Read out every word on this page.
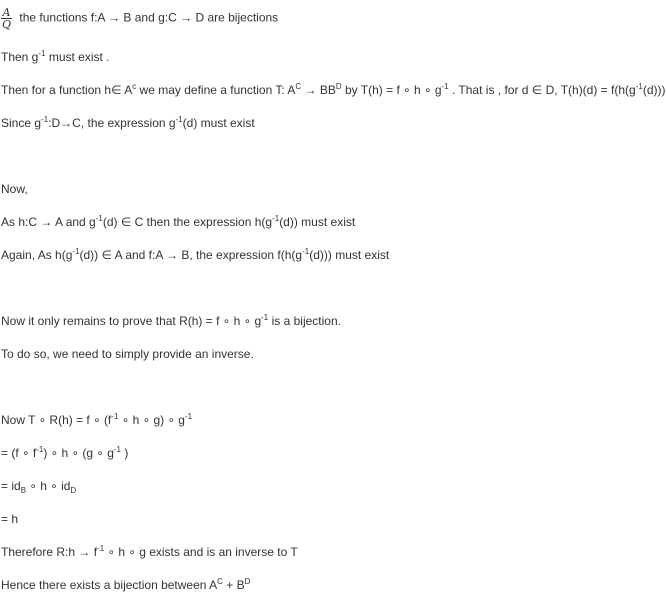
$\frac{A}{Q}$ the functions f:A → B and g:C → D are bijections
Then $g^{-1}$ must exist .
Then for a function h∈ $A^c$ we may define a function T: $A^C \to BB^D$ by T(h) = f ∘ h ∘ $g^{-1}$ . That is , for d ∈ D, $T(h)(d) = f(h(g^{-1}(d)))$
Since $g^{-1}:D\to C$, the expression $g^{-1}(d)$ must exist
Now,
As h:C → A and $g^{-1}(d)$ ∈ C then the expression $h(g^{-1}(d))$ must exist
Again, As $h(g^{-1}(d))$ ∈ A and f:A → B, the expression $f(h(g^{-1}(d)))$ must exist
Now it only remains to prove that R(h) = f ∘ h ∘ $g^{-1}$ is a bijection.
To do so, we need to simply provide an inverse.
Now T ∘ R(h) = f ∘ ($f^{-1}$ ∘ h ∘ g) ∘ $g^{-1}$
= (f ∘ $f^{-1}$) ∘ h ∘ (g ∘ $g^{-1}$ )
= $id_B$ ∘ h ∘ $id_D$
= h
Therefore R:h → $f^{-1}$ ∘ h ∘ g exists and is an inverse to T
Hence there exists a bijection between $A^C + B^D$
